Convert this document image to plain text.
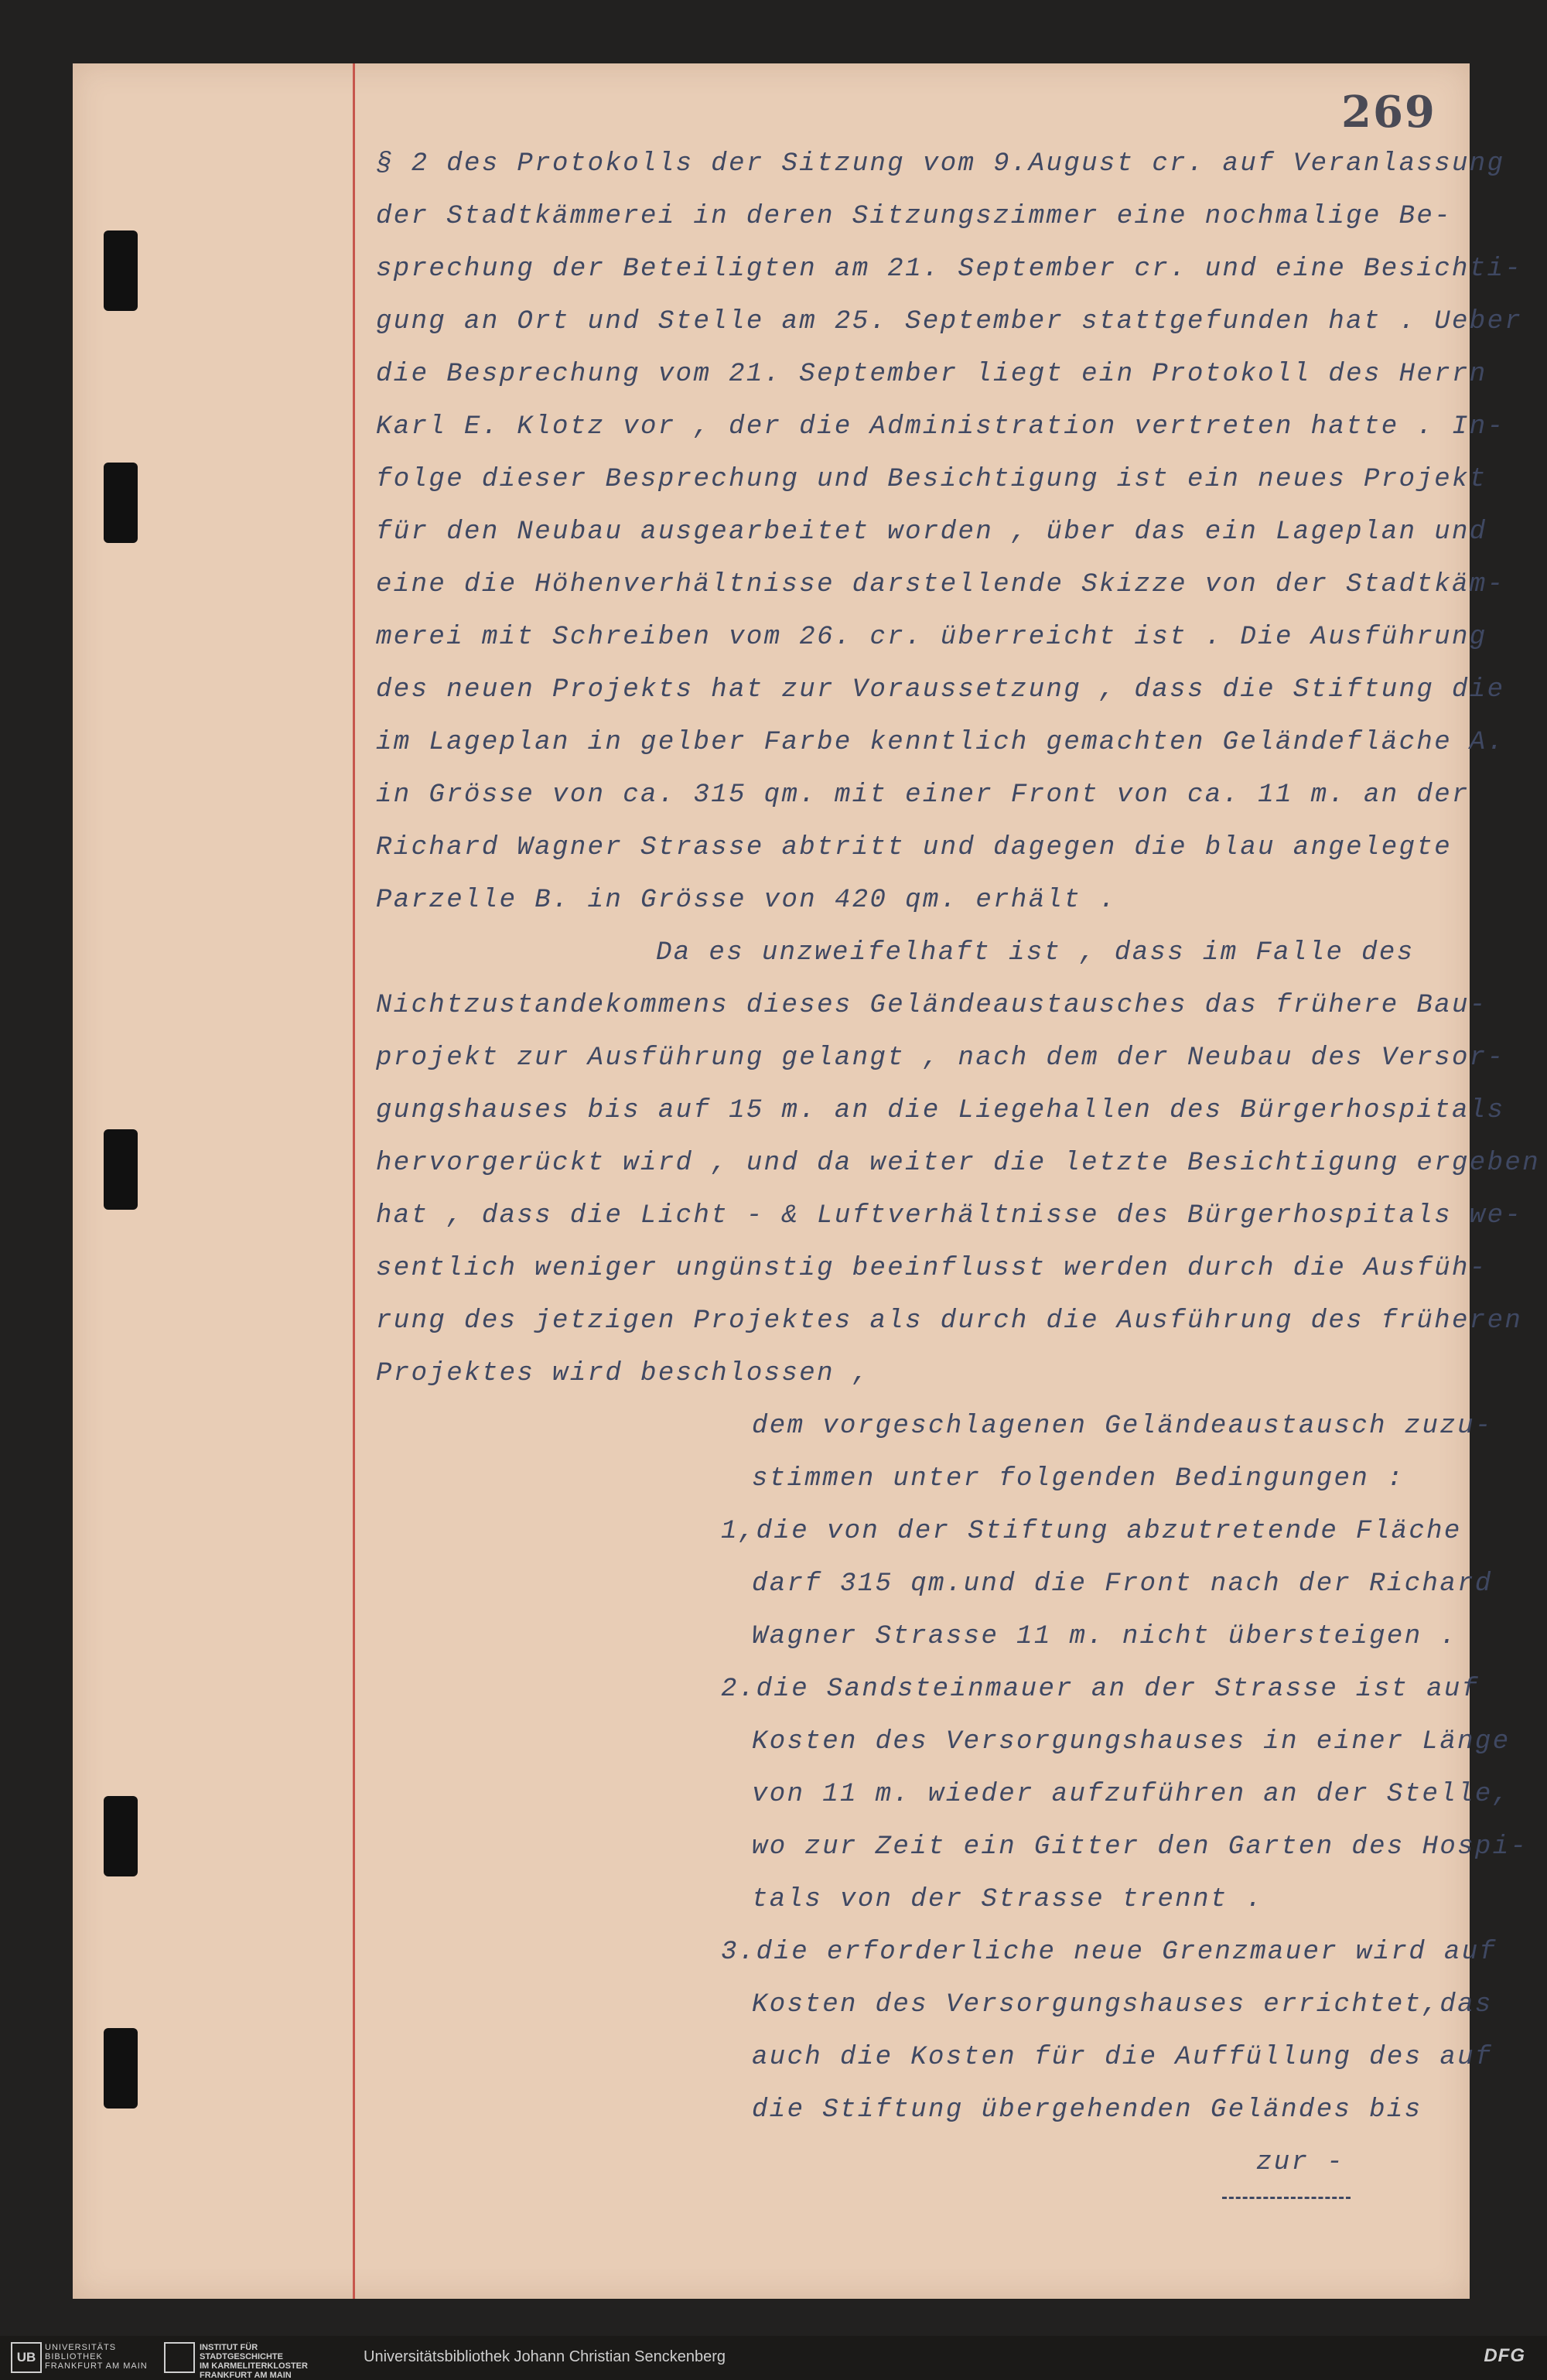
269
§ 2 des Protokolls der Sitzung vom 9.August cr. auf Veranlassung
der Stadtkämmerei in deren Sitzungszimmer eine nochmalige Be-
sprechung der Beteiligten am 21. September cr. und eine Besichti-
gung an Ort und Stelle am 25. September stattgefunden hat . Ueber
die Besprechung vom 21. September liegt ein Protokoll des Herrn
Karl E. Klotz vor , der die Administration vertreten hatte . In-
folge dieser Besprechung und Besichtigung ist ein neues Projekt
für den Neubau ausgearbeitet worden , über das ein Lageplan und
eine die Höhenverhältnisse darstellende Skizze von der Stadtkäm-
merei mit Schreiben vom 26. cr. überreicht ist . Die Ausführung
des neuen Projekts hat zur Voraussetzung , dass die Stiftung die
im Lageplan in gelber Farbe kenntlich gemachten Geländefläche A.
in Grösse von ca. 315 qm. mit einer Front von ca. 11 m. an der
Richard Wagner Strasse abtritt und dagegen die blau angelegte
Parzelle B. in Grösse von 420 qm. erhält .
Da es unzweifelhaft ist , dass im Falle des
Nichtzustandekommens dieses Geländeaustausches das frühere Bau-
projekt zur Ausführung gelangt , nach dem der Neubau des Versor-
gungshauses bis auf 15 m. an die Liegehallen des Bürgerhospitals
hervorgerückt wird , und da weiter die letzte Besichtigung ergeben
hat , dass die Licht - & Luftverhältnisse des Bürgerhospitals we-
sentlich weniger ungünstig beeinflusst werden durch die Ausfüh-
rung des jetzigen Projektes als durch die Ausführung des früheren
Projektes wird beschlossen ,
dem vorgeschlagenen Geländeaustausch zuzu-
stimmen unter folgenden Bedingungen :
1,die von der Stiftung abzutretende Fläche
darf 315 qm.und die Front nach der Richard
Wagner Strasse 11 m. nicht übersteigen .
2.die Sandsteinmauer an der Strasse ist auf
Kosten des Versorgungshauses in einer Länge
von 11 m. wieder aufzuführen an der Stelle,
wo zur Zeit ein Gitter den Garten des Hospi-
tals von der Strasse trennt .
3.die erforderliche neue Grenzmauer wird auf
Kosten des Versorgungshauses errichtet,das
auch die Kosten für die Auffüllung des auf
die Stiftung übergehenden Geländes bis
zur -
UB
UNIVERSITÄTS
BIBLIOTHEK
FRANKFURT AM MAIN
INSTITUT FÜR
STADTGESCHICHTE
IM KARMELITERKLOSTER
FRANKFURT AM MAIN
Universitätsbibliothek Johann Christian Senckenberg	DFG
